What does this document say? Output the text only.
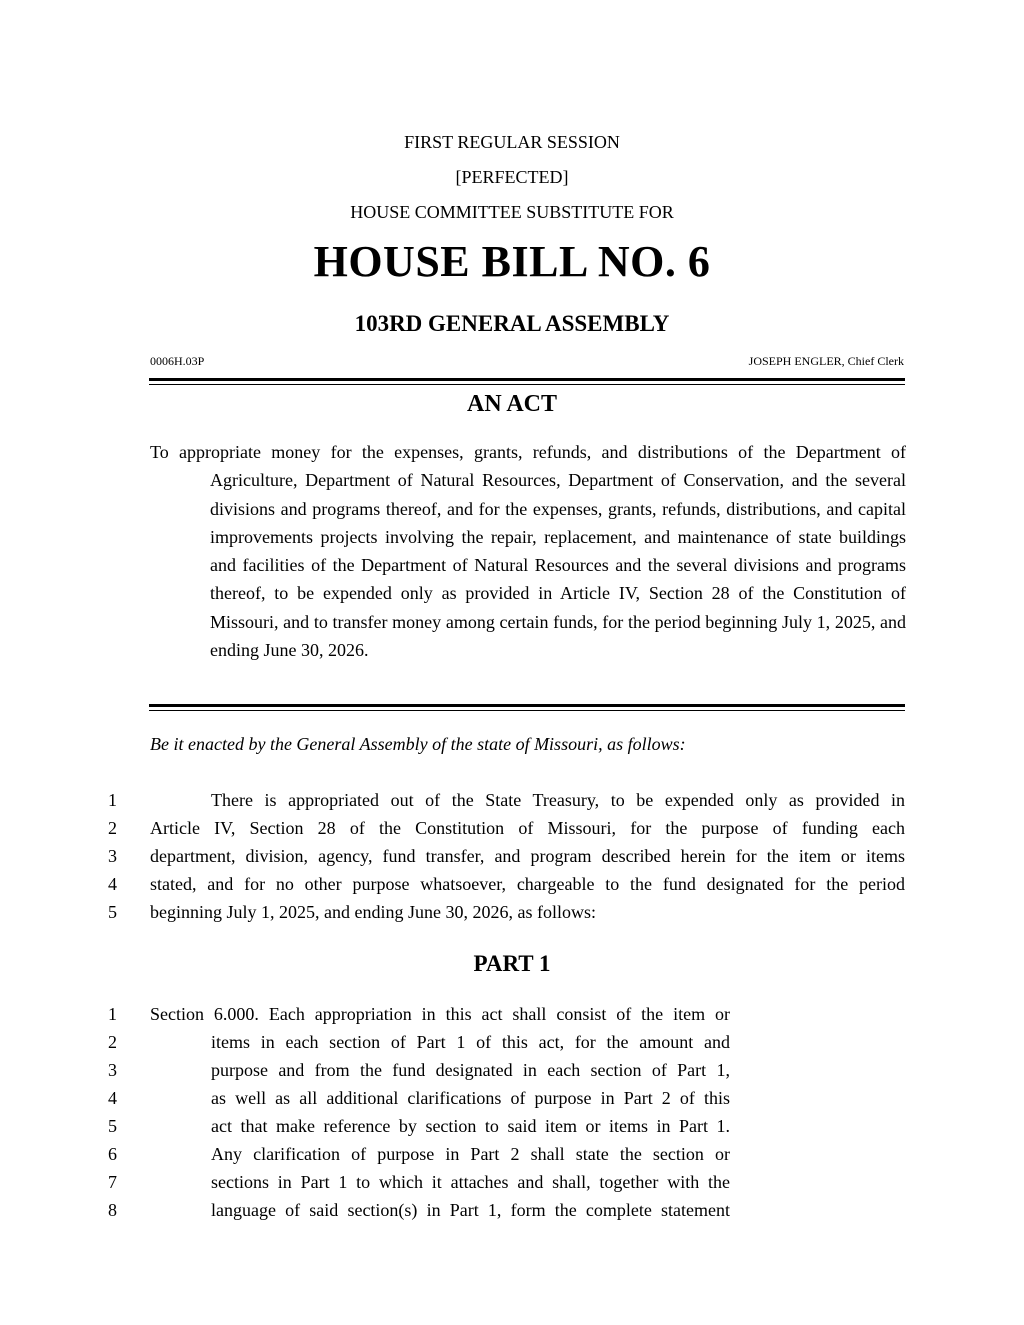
FIRST REGULAR SESSION
[PERFECTED]
HOUSE COMMITTEE SUBSTITUTE FOR
HOUSE BILL NO. 6
103RD GENERAL ASSEMBLY
0006H.03P	JOSEPH ENGLER, Chief Clerk
AN ACT

To appropriate money for the expenses, grants, refunds, and distributions of the Department of Agriculture, Department of Natural Resources, Department of Conservation, and the several divisions and programs thereof, and for the expenses, grants, refunds, distributions, and capital improvements projects involving the repair, replacement, and maintenance of state buildings and facilities of the Department of Natural Resources and the several divisions and programs thereof, to be expended only as provided in Article IV, Section 28 of the Constitution of Missouri, and to transfer money among certain funds, for the period beginning July 1, 2025, and ending June 30, 2026.

Be it enacted by the General Assembly of the state of Missouri, as follows:
1	There is appropriated out of the State Treasury, to be expended only as provided in
2 Article IV, Section 28 of the Constitution of Missouri, for the purpose of funding each
3 department, division, agency, fund transfer, and program described herein for the item or items
4 stated, and for no other purpose whatsoever, chargeable to the fund designated for the period
5 beginning July 1, 2025, and ending June 30, 2026, as follows:
PART 1
1 Section 6.000. Each appropriation in this act shall consist of the item or
2	items in each section of Part 1 of this act, for the amount and
3	purpose and from the fund designated in each section of Part 1,
4	as well as all additional clarifications of purpose in Part 2 of this
5	act that make reference by section to said item or items in Part 1.
6	Any clarification of purpose in Part 2 shall state the section or
7	sections in Part 1 to which it attaches and shall, together with the
8	language of said section(s) in Part 1, form the complete statement
